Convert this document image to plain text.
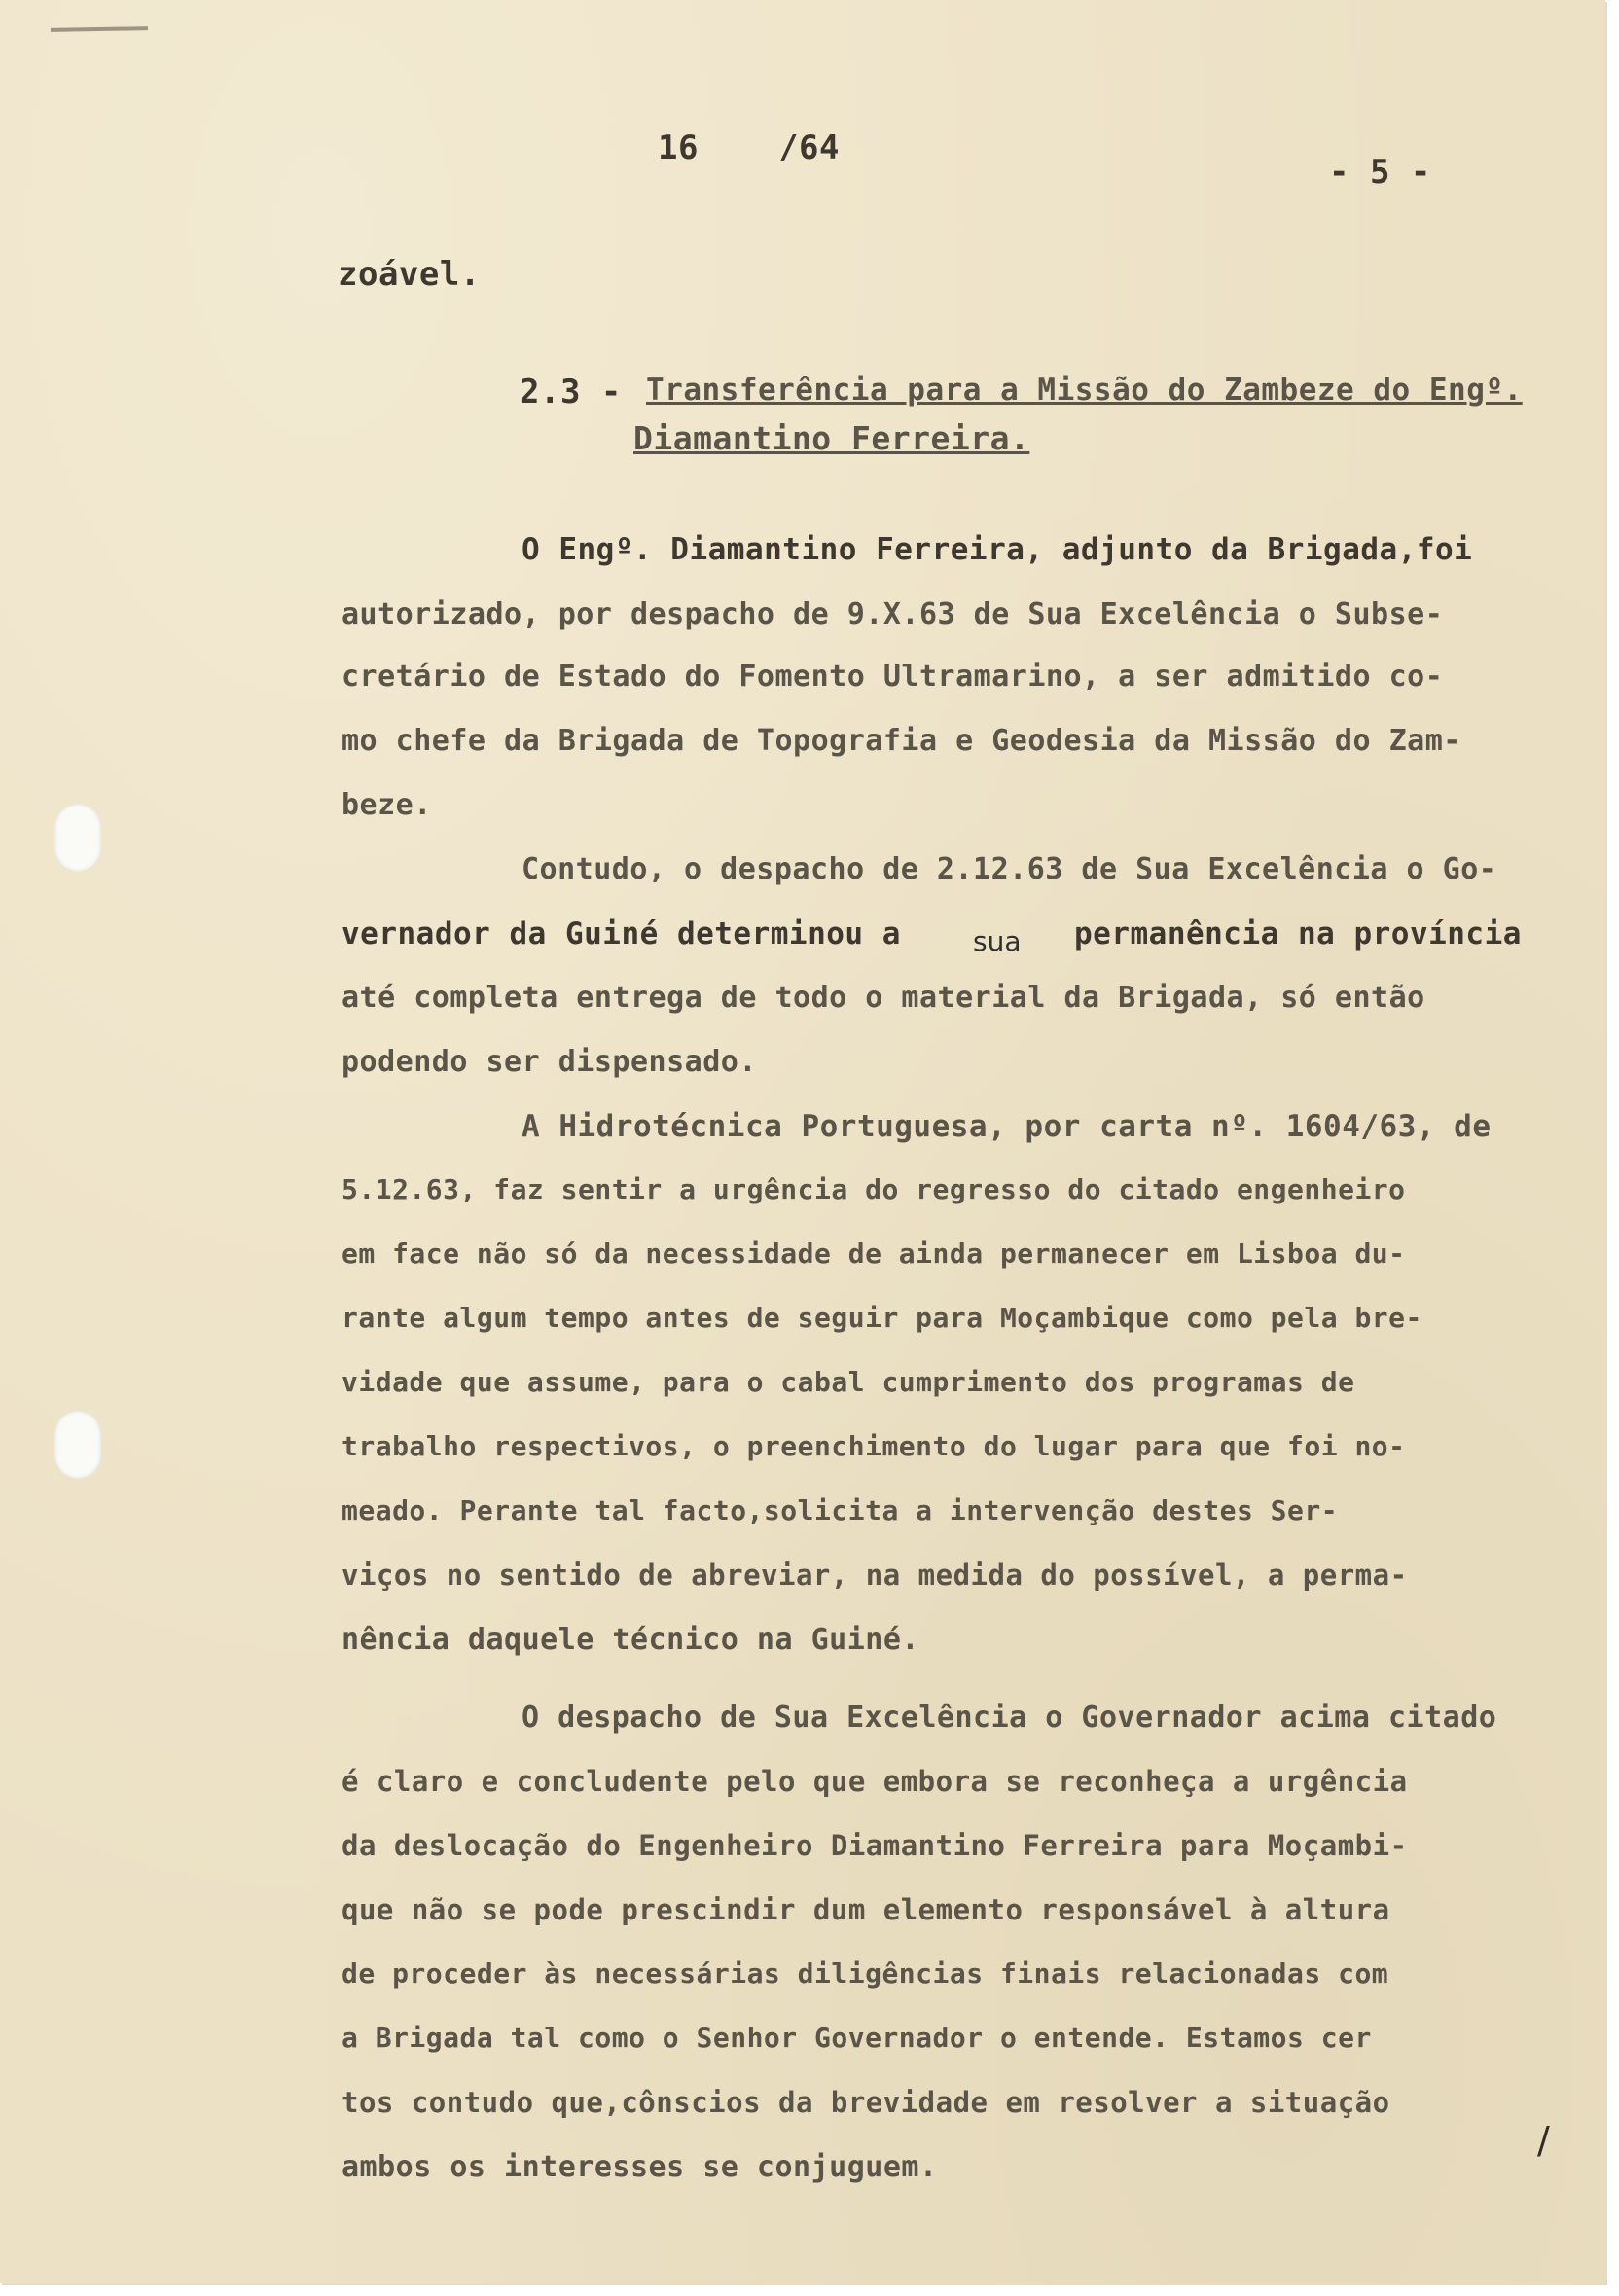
16 /64

- 5 -

zoável.

2.3 - Transferência para a Missão do Zambeze do Engº.

Diamantino Ferreira.

O Engº. Diamantino Ferreira, adjunto da Brigada,foi

autorizado, por despacho de 9.X.63 de Sua Excelência o Subse-

cretário de Estado do Fomento Ultramarino, a ser admitido co-

mo chefe da Brigada de Topografia e Geodesia da Missão do Zam-

beze.

Contudo, o despacho de 2.12.63 de Sua Excelência o Go-

vernador da Guiné determinou a	sua permanência na província

até completa entrega de todo o material da Brigada, só então

podendo ser dispensado.

A Hidrotécnica Portuguesa, por carta nº. 1604/63, de

5.12.63, faz sentir a urgência do regresso do citado engenheiro

em face não só da necessidade de ainda permanecer em Lisboa du-

rante algum tempo antes de seguir para Moçambique como pela bre-

vidade que assume, para o cabal cumprimento dos programas de

trabalho respectivos, o preenchimento do lugar para que foi no-

meado. Perante tal facto,solicita a intervenção destes Ser-

viços no sentido de abreviar, na medida do possível, a perma-

nência daquele técnico na Guiné.

O despacho de Sua Excelência o Governador acima citado

é claro e concludente pelo que embora se reconheça a urgência

da deslocação do Engenheiro Diamantino Ferreira para Moçambi-

que não se pode prescindir dum elemento responsável à altura

de proceder às necessárias diligências finais relacionadas com

a Brigada tal como o Senhor Governador o entende. Estamos cer

tos contudo que,cônscios da brevidade em resolver a situação

ambos os interesses se conjuguem.

/
